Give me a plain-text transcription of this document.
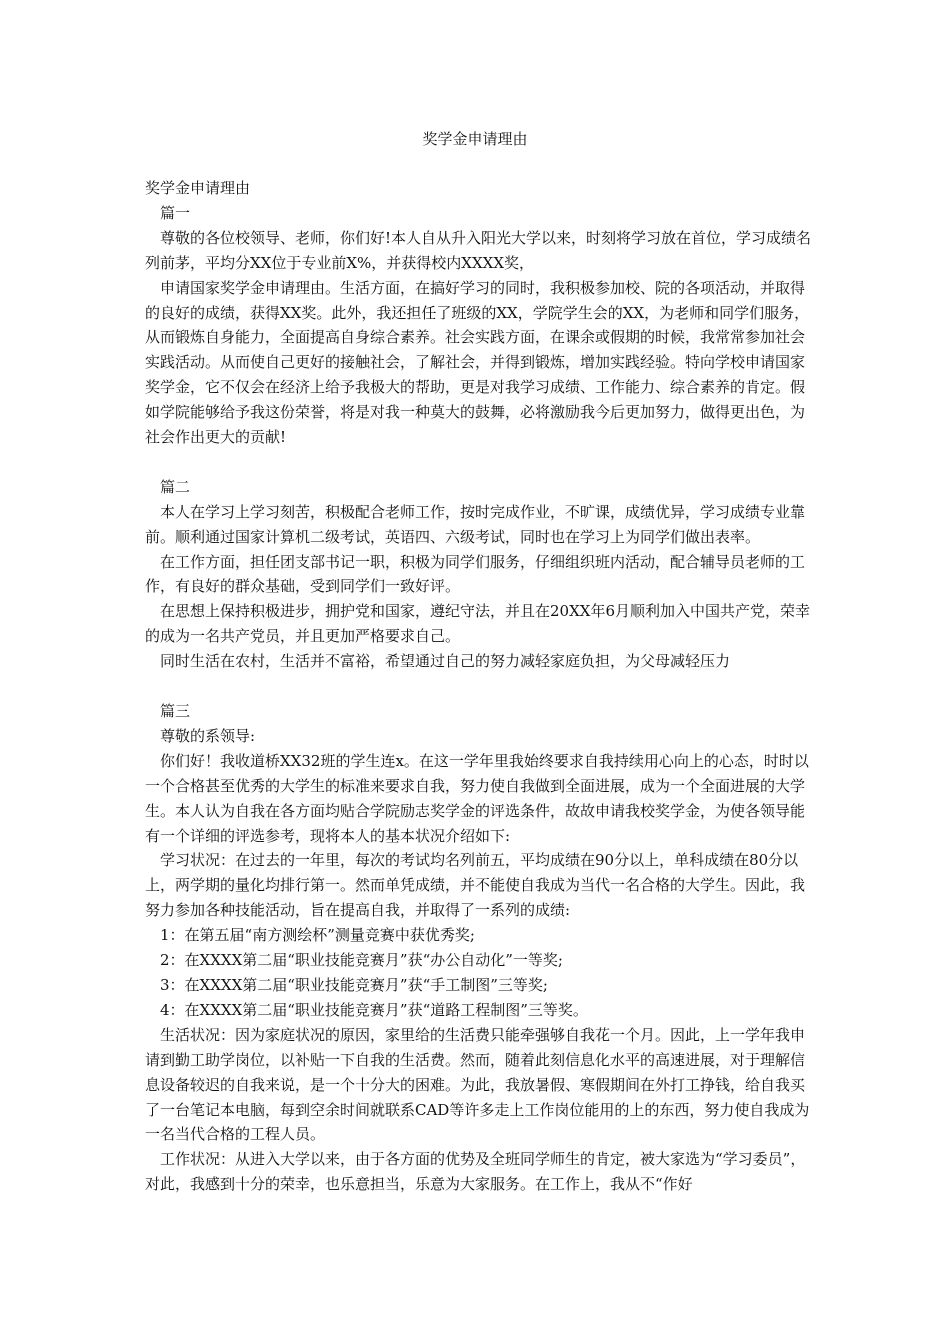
奖学金申请理由

奖学金申请理由

篇一

尊敬的各位校领导、老师，你们好!本人自从升入阳光大学以来，时刻将学习放在首位，学习成绩名列前茅，平均分XX位于专业前X%，并获得校内XXXX奖，

申请国家奖学金申请理由。生活方面，在搞好学习的同时，我积极参加校、院的各项活动，并取得的良好的成绩，获得XX奖。此外，我还担任了班级的XX，学院学生会的XX，为老师和同学们服务，从而锻炼自身能力，全面提高自身综合素养。社会实践方面，在课余或假期的时候，我常常参加社会实践活动。从而使自己更好的接触社会，了解社会，并得到锻炼，增加实践经验。特向学校申请国家奖学金，它不仅会在经济上给予我极大的帮助，更是对我学习成绩、工作能力、综合素养的肯定。假如学院能够给予我这份荣誉，将是对我一种莫大的鼓舞，必将激励我今后更加努力，做得更出色，为社会作出更大的贡献!

篇二

本人在学习上学习刻苦，积极配合老师工作，按时完成作业，不旷课，成绩优异，学习成绩专业靠前。顺利通过国家计算机二级考试，英语四、六级考试，同时也在学习上为同学们做出表率。

在工作方面，担任团支部书记一职，积极为同学们服务，仔细组织班内活动，配合辅导员老师的工作，有良好的群众基础，受到同学们一致好评。

在思想上保持积极进步，拥护党和国家，遵纪守法，并且在20XX年6月顺利加入中国共产党，荣幸的成为一名共产党员，并且更加严格要求自己。

同时生活在农村，生活并不富裕，希望通过自己的努力减轻家庭负担，为父母减轻压力

篇三

尊敬的系领导:

你们好！我收道桥XX32班的学生连x。在这一学年里我始终要求自我持续用心向上的心态，时时以一个合格甚至优秀的大学生的标准来要求自我，努力使自我做到全面进展，成为一个全面进展的大学生。本人认为自我在各方面均贴合学院励志奖学金的评选条件，故故申请我校奖学金，为使各领导能有一个详细的评选参考，现将本人的基本状况介绍如下:

学习状况：在过去的一年里，每次的考试均名列前五，平均成绩在90分以上，单科成绩在80分以上，两学期的量化均排行第一。然而单凭成绩，并不能使自我成为当代一名合格的大学生。因此，我努力参加各种技能活动，旨在提高自我，并取得了一系列的成绩:

1：在第五届“南方测绘杯”测量竞赛中获优秀奖;

2：在XXXX第二届“职业技能竞赛月”获“办公自动化”一等奖;

3：在XXXX第二届“职业技能竞赛月”获“手工制图”三等奖;

4：在XXXX第二届“职业技能竞赛月”获“道路工程制图”三等奖。

生活状况：因为家庭状况的原因，家里给的生活费只能牵强够自我花一个月。因此，上一学年我申请到勤工助学岗位，以补贴一下自我的生活费。然而，随着此刻信息化水平的高速进展，对于理解信息设备较迟的自我来说，是一个十分大的困难。为此，我放暑假、寒假期间在外打工挣钱，给自我买了一台笔记本电脑，每到空余时间就联系CAD等许多走上工作岗位能用的上的东西，努力使自我成为一名当代合格的工程人员。

工作状况：从进入大学以来，由于各方面的优势及全班同学师生的肯定，被大家选为“学习委员”，对此，我感到十分的荣幸，也乐意担当，乐意为大家服务。在工作上，我从不“作好
